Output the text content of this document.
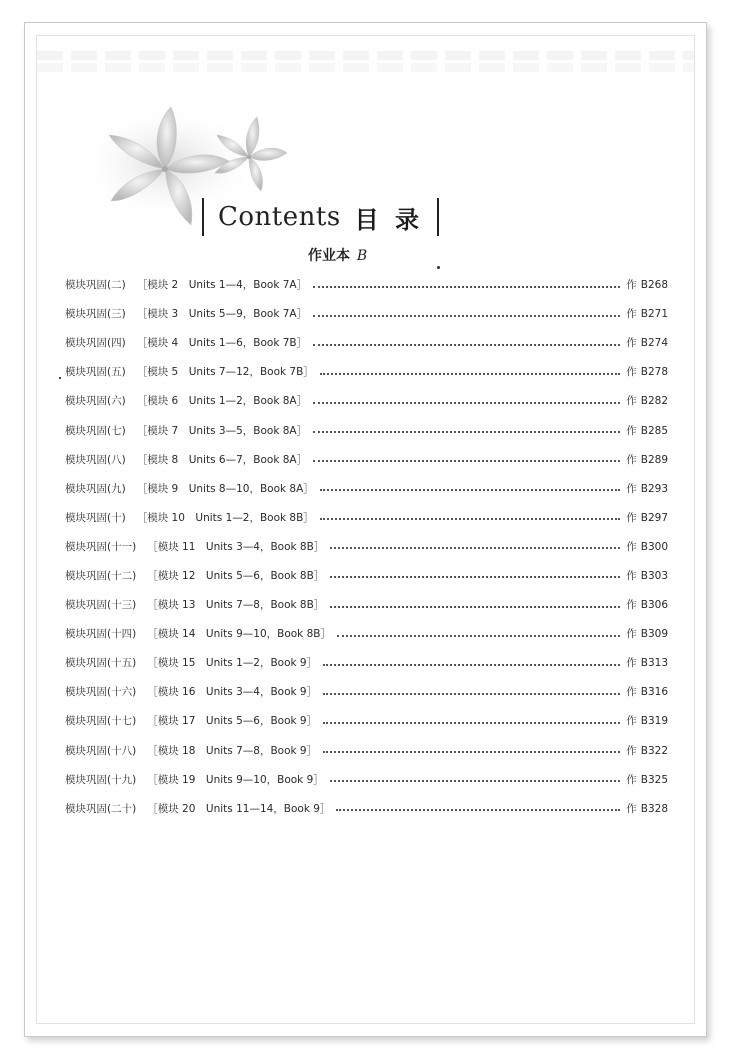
Contents 目 录
作业本 B
模块巩固(二) ［模块 2　Units 1—4，Book 7A］	作 B268
模块巩固(三) ［模块 3　Units 5—9，Book 7A］	作 B271
模块巩固(四) ［模块 4　Units 1—6，Book 7B］	作 B274
模块巩固(五) ［模块 5　Units 7—12，Book 7B］	作 B278
模块巩固(六) ［模块 6　Units 1—2，Book 8A］	作 B282
模块巩固(七) ［模块 7　Units 3—5，Book 8A］	作 B285
模块巩固(八) ［模块 8　Units 6—7，Book 8A］	作 B289
模块巩固(九) ［模块 9　Units 8—10，Book 8A］	作 B293
模块巩固(十) ［模块 10　Units 1—2，Book 8B］	作 B297
模块巩固(十一) ［模块 11　Units 3—4，Book 8B］	作 B300
模块巩固(十二) ［模块 12　Units 5—6，Book 8B］	作 B303
模块巩固(十三) ［模块 13　Units 7—8，Book 8B］	作 B306
模块巩固(十四) ［模块 14　Units 9—10，Book 8B］	作 B309
模块巩固(十五) ［模块 15　Units 1—2，Book 9］	作 B313
模块巩固(十六) ［模块 16　Units 3—4，Book 9］	作 B316
模块巩固(十七) ［模块 17　Units 5—6，Book 9］	作 B319
模块巩固(十八) ［模块 18　Units 7—8，Book 9］	作 B322
模块巩固(十九) ［模块 19　Units 9—10，Book 9］	作 B325
模块巩固(二十) ［模块 20　Units 11—14，Book 9］	作 B328
